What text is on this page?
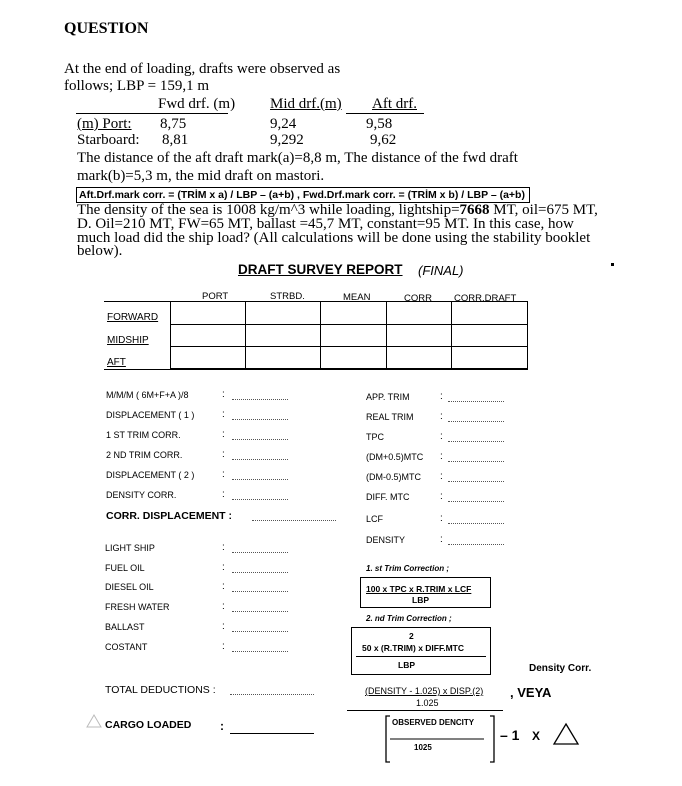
QUESTION
At the end of loading, drafts were observed as
follows; LBP = 159,1 m
Fwd drf. (m) Mid drf.(m) Aft drf.
(m) Port: 8,75	9,24	9,58
Starboard: 8,81	9,292	9,62
The distance of the aft draft mark(a)=8,8 m, The distance of the fwd draft
mark(b)=5,3 m, the mid draft on mastori.
Aft.Drf.mark corr. = (TRİM x a) / LBP – (a+b) , Fwd.Drf.mark corr. = (TRİM x b) / LBP – (a+b)
The density of the sea is 1008 kg/m^3 while loading, lightship=7668 MT, oil=675 MT,
D. Oil=210 MT, FW=65 MT, ballast =45,7 MT, constant=95 MT. In this case, how
much load did the ship load? (All calculations will be done using the stability booklet
below).
DRAFT SURVEY REPORT (FINAL)
PORT	STRBD.	MEAN	CORR CORR.DRAFT
FORWARD
MIDSHIP
AFT
M/M/M ( 6M+F+A )/8
DISPLACEMENT ( 1 )
1 ST TRIM CORR.
2 ND TRIM CORR.
DISPLACEMENT ( 2 )
DENSITY CORR.
CORR. DISPLACEMENT :
:
:
:
:
:
:
APP. TRIM
REAL TRIM
TPC
(DM+0.5)MTC
(DM-0.5)MTC
DIFF. MTC
LCF
DENSITY
:
:
:
:
:
:
:
:
LIGHT SHIP
FUEL OIL
DIESEL OIL
FRESH WATER
BALLAST
COSTANT
:
:
:
:
:
:
TOTAL DEDUCTIONS :
CARGO LOADED :
1. st Trim Correction ;
100 x TPC x R.TRIM x LCF
LBP
2. nd Trim Correction ;
2
50 x (R.TRIM) x DIFF.MTC
LBP	Density Corr.
(DENSITY - 1.025) x DISP.(2)
1.025
, VEYA
OBSERVED DENCITY
1025
– 1 X
